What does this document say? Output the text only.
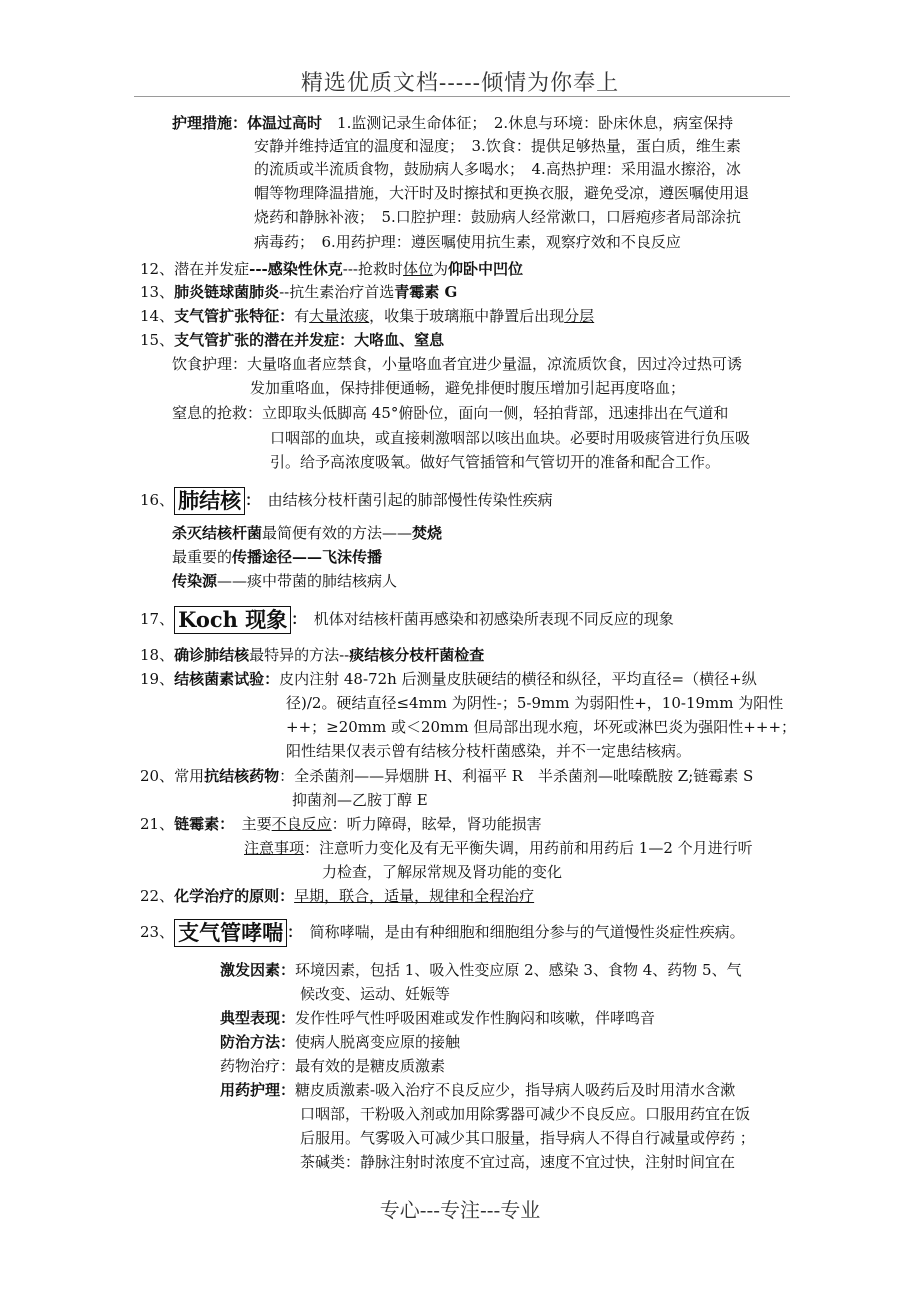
精选优质文档-----倾情为你奉上
护理措施：体温过高时　 1.监测记录生命体征；　2.休息与环境：卧床休息，病室保持
安静并维持适宜的温度和湿度；　3.饮食：提供足够热量，蛋白质，维生素
的流质或半流质食物，鼓励病人多喝水；　4.高热护理：采用温水擦浴，冰
帽等物理降温措施，大汗时及时擦拭和更换衣服，避免受凉，遵医嘱使用退
烧药和静脉补液；　5.口腔护理：鼓励病人经常漱口，口唇疱疹者局部涂抗
病毒药；　6.用药护理：遵医嘱使用抗生素，观察疗效和不良反应
12、潜在并发症---感染性休克---抢救时体位为仰卧中凹位
13、肺炎链球菌肺炎--抗生素治疗首选青霉素 G
14、支气管扩张特征：有大量浓痰，收集于玻璃瓶中静置后出现分层
15、支气管扩张的潜在并发症：大咯血、窒息
饮食护理：大量咯血者应禁食，小量咯血者宜进少量温，凉流质饮食，因过冷过热可诱
发加重咯血，保持排便通畅，避免排便时腹压增加引起再度咯血；
窒息的抢救：立即取头低脚高 45°俯卧位，面向一侧，轻拍背部，迅速排出在气道和
口咽部的血块，或直接刺激咽部以咳出血块。必要时用吸痰管进行负压吸
引。给予高浓度吸氧。做好气管插管和气管切开的准备和配合工作。
16、 肺结核 ：　 由结核分枝杆菌引起的肺部慢性传染性疾病
杀灭结核杆菌最简便有效的方法——焚烧
最重要的传播途径——飞沫传播
传染源——痰中带菌的肺结核病人
17、 Koch 现象 ：　 机体对结核杆菌再感染和初感染所表现不同反应的现象
18、确诊肺结核最特异的方法--痰结核分枝杆菌检查
19、结核菌素试验：皮内注射 48-72h 后测量皮肤硬结的横径和纵径，平均直径=（横径+纵
径)/2。硬结直径≤4mm 为阴性-；5-9mm 为弱阳性+，10-19mm 为阳性
++；≥20mm 或＜20mm 但局部出现水疱，坏死或淋巴炎为强阳性+++；
阳性结果仅表示曾有结核分枝杆菌感染，并不一定患结核病。
20、常用抗结核药物：全杀菌剂——异烟肼 H、利福平 R　半杀菌剂—吡嗪酰胺 Z;链霉素 S
抑菌剂—乙胺丁醇 E
21、链霉素：　 主要不良反应：听力障碍，眩晕，肾功能损害
注意事项：注意听力变化及有无平衡失调，用药前和用药后 1—2 个月进行听
力检查，了解尿常规及肾功能的变化
22、化学治疗的原则：早期，联合，适量，规律和全程治疗
23、 支气管哮喘 ：　 简称哮喘，是由有种细胞和细胞组分参与的气道慢性炎症性疾病。
激发因素：环境因素，包括 1、吸入性变应原 2、感染 3、食物 4、药物 5、气
候改变、运动、妊娠等
典型表现：发作性呼气性呼吸困难或发作性胸闷和咳嗽，伴哮鸣音
防治方法：使病人脱离变应原的接触
药物治疗：最有效的是糖皮质激素
用药护理：糖皮质激素-吸入治疗不良反应少，指导病人吸药后及时用清水含漱
口咽部，干粉吸入剂或加用除雾器可减少不良反应。口服用药宜在饭
后服用。气雾吸入可减少其口服量，指导病人不得自行减量或停药 ；
茶碱类：静脉注射时浓度不宜过高，速度不宜过快，注射时间宜在
专心---专注---专业
